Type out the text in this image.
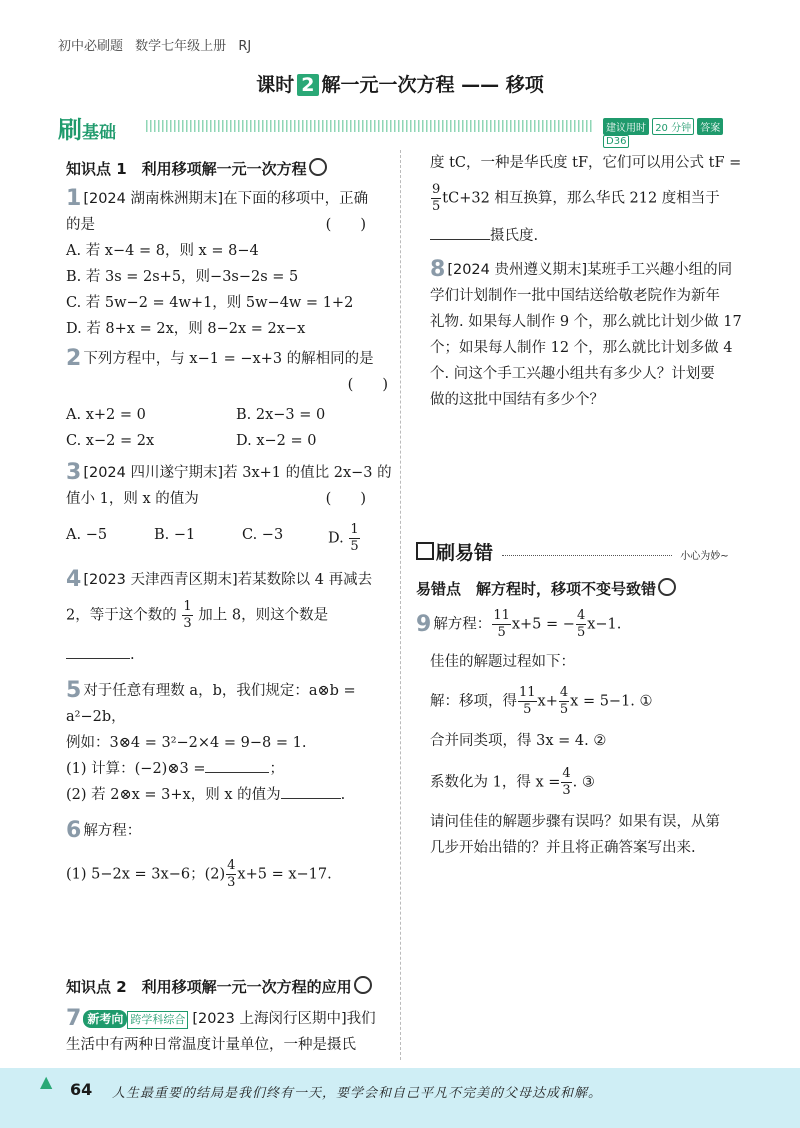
初中必刷题 数学七年级上册 RJ
课时 2 解一元一次方程 —— 移项
刷基础	建议用时 20 分钟 答案 D36

知识点 1　利用移项解一元一次方程

1 [2024 湖南株洲期末]在下面的移项中，正确

的是	(　　)

A. 若 x−4 = 8，则 x = 8−4

B. 若 3s = 2s+5，则−3s−2s = 5

C. 若 5w−2 = 4w+1，则 5w−4w = 1+2

D. 若 8+x = 2x，则 8−2x = 2x−x

2 下列方程中，与 x−1 = −x+3 的解相同的是

(　　)

A. x+2 = 0	B. 2x−3 = 0
C. x−2 = 2x	D. x−2 = 0

3 [2024 四川遂宁期末]若 3x+1 的值比 2x−3 的

值小 1，则 x 的值为	(　　)

A. −5	B. −1	C. −3	D. $\frac{1}{5}$

4 [2023 天津西青区期末]若某数除以 4 再减去

2，等于这个数的 $\frac{1}{3}$ 加上 8，则这个数是

.

5 对于任意有理数 a，b，我们规定：a⊗b = a²−2b，

例如：3⊗4 = 3²−2×4 = 9−8 = 1.

(1) 计算：(−2)⊗3 =	；

(2) 若 2⊗x = 3+x，则 x 的值为	.

6 解方程：

(1) 5−2x = 3x−6；$(2) \frac{4}{3} x+5 = x-17$.

知识点 2　利用移项解一元一次方程的应用

7 新考向 跨学科综合 [2023 上海闵行区期中]我们

生活中有两种日常温度计量单位，一种是摄氏

度 tC，一种是华氏度 tF，它们可以用公式 tF =

$\frac{9}{5} tC+32$ 相互换算，那么华氏 212 度相当于

摄氏度.

8 [2024 贵州遵义期末]某班手工兴趣小组的同

学们计划制作一批中国结送给敬老院作为新年

礼物. 如果每人制作 9 个，那么就比计划少做 17

个；如果每人制作 12 个，那么就比计划多做 4

个. 问这个手工兴趣小组共有多少人？计划要

做的这批中国结有多少个？

刷易错	小心为妙~

易错点　解方程时，移项不变号致错

9 解方程： $\frac{11}{5} x+5$ = − $\frac{4}{5} x-1$.

佳佳的解题过程如下：

解：移项，得 $\frac{11}{5} x+ \frac{4}{5}$ x = 5−1. ①

合并同类项，得 3x = 4. ②

系数化为 1，得 $x = \frac{4}{3}$ . ③

请问佳佳的解题步骤有误吗？如果有误，从第

几步开始出错的？并且将正确答案写出来.

▲ 64 人生最重要的结局是我们终有一天，要学会和自己平凡不完美的父母达成和解。
